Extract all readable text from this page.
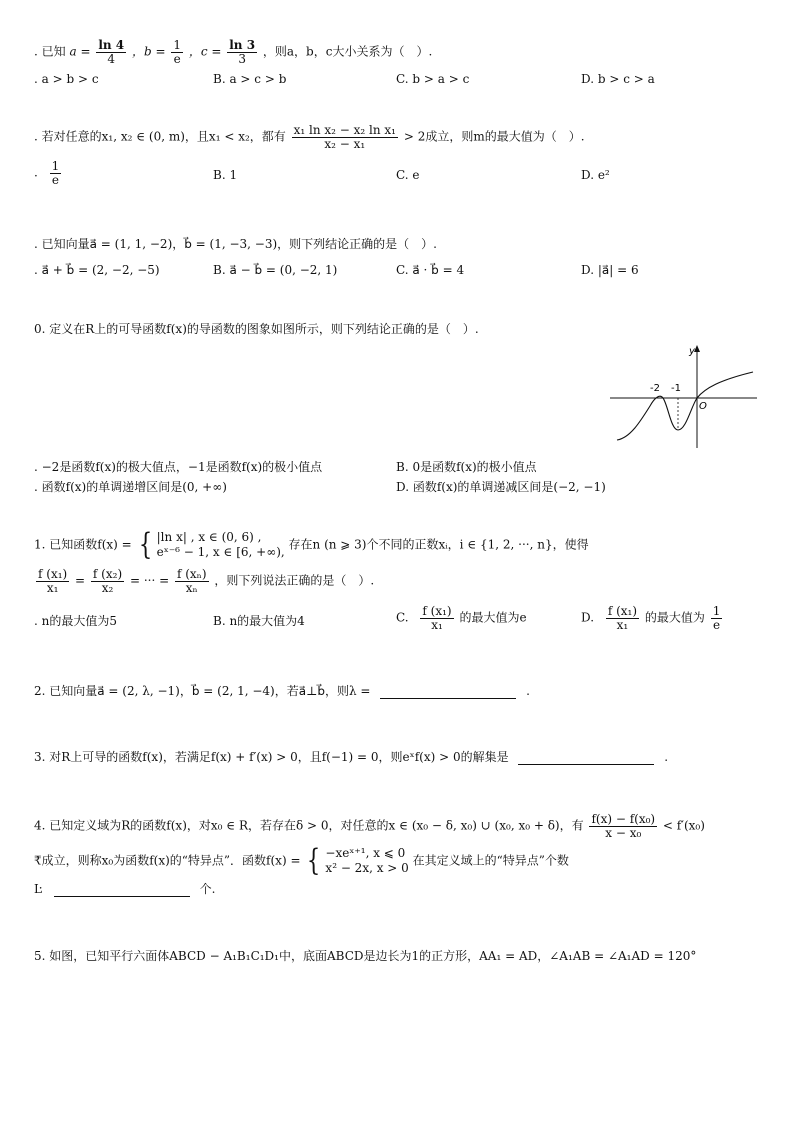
. 已知 $a = \frac{\ln 4}{4}$ ，$b = \frac{1}{e}$ ，$c = \frac{\ln 3}{3}$ ，则a，b，c大小关系为（　）.
. a > b > c	B. a > c > b	C. b > a > c	D. b > c > a
. 若对任意的x₁, x₂ ∈ (0, m)，且x₁ < x₂，都有 $\frac{\text{x₁ ln x₂ − x₂ ln x₁}}{\text{x₂ − x₁}} > 2$成立，则m的最大值为（　）.
. $\frac{1}{e}$	B. 1	C. e	D. e²
. 已知向量a⃗ = (1, 1, −2)，b⃗ = (1, −3, −3)，则下列结论正确的是（　）.
. a⃗ + b⃗ = (2, −2, −5)	B. a⃗ − b⃗ = (0, −2, 1)	C. a⃗ · b⃗ = 4	D. |a⃗| = 6
0. 定义在R上的可导函数f(x)的导函数的图象如图所示，则下列结论正确的是（　）.
y
O
-2 -1
. −2是函数f(x)的极大值点，−1是函数f(x)的极小值点	B. 0是函数f(x)的极小值点
. 函数f(x)的单调递增区间是(0, +∞)	D. 函数f(x)的单调递减区间是(−2, −1)
1. 已知函数f(x) = { |ln x| , x ∈ (0, 6) ,
eˣ⁻⁶ − 1, x ∈ [6, +∞),
存在n (n ⩾ 3)个不同的正数xᵢ，i ∈ {1, 2, ···, n}，使得
$\frac{\text{f (x₁)}}{\text{x₁}} = \frac{\text{f (x₂)}}{\text{x₂}}$ = ··· = $\frac{\text{f (xₙ)}}{\text{xₙ}}$ ，则下列说法正确的是（　）.
. n的最大值为5	B. n的最大值为4	C. $\frac{\text{f (x₁)}}{\text{x₁}}$ 的最大值为e	D. $\frac{\text{f (x₁)}}{\text{x₁}}$ 的最大值为 $\frac{1}{e}$
2. 已知向量a⃗ = (2, λ, −1)，b⃗ = (2, 1, −4)，若a⃗⊥b⃗，则λ =	.
3. 对R上可导的函数f(x)，若满足f(x) + f′(x) > 0，且f(−1) = 0，则eˣf(x) > 0的解集是	.
4. 已知定义域为R的函数f(x)，对x₀ ∈ R，若存在δ > 0，对任意的x ∈ (x₀ − δ, x₀) ∪ (x₀, x₀ + δ)，有 $\frac{\text{f(x) − f(x₀)}}{\text{x − x₀}} < f'(x_0)$
₹成立，则称x₀为函数f(x)的“特异点”．函数f(x) = { −xeˣ⁺¹, x ⩽ 0
x² − 2x, x > 0
在其定义域上的“特异点”个数
Ŀ	个.
5. 如图，已知平行六面体ABCD − A₁B₁C₁D₁中，底面ABCD是边长为1的正方形，AA₁ = AD，∠A₁AB = ∠A₁AD = 120°
